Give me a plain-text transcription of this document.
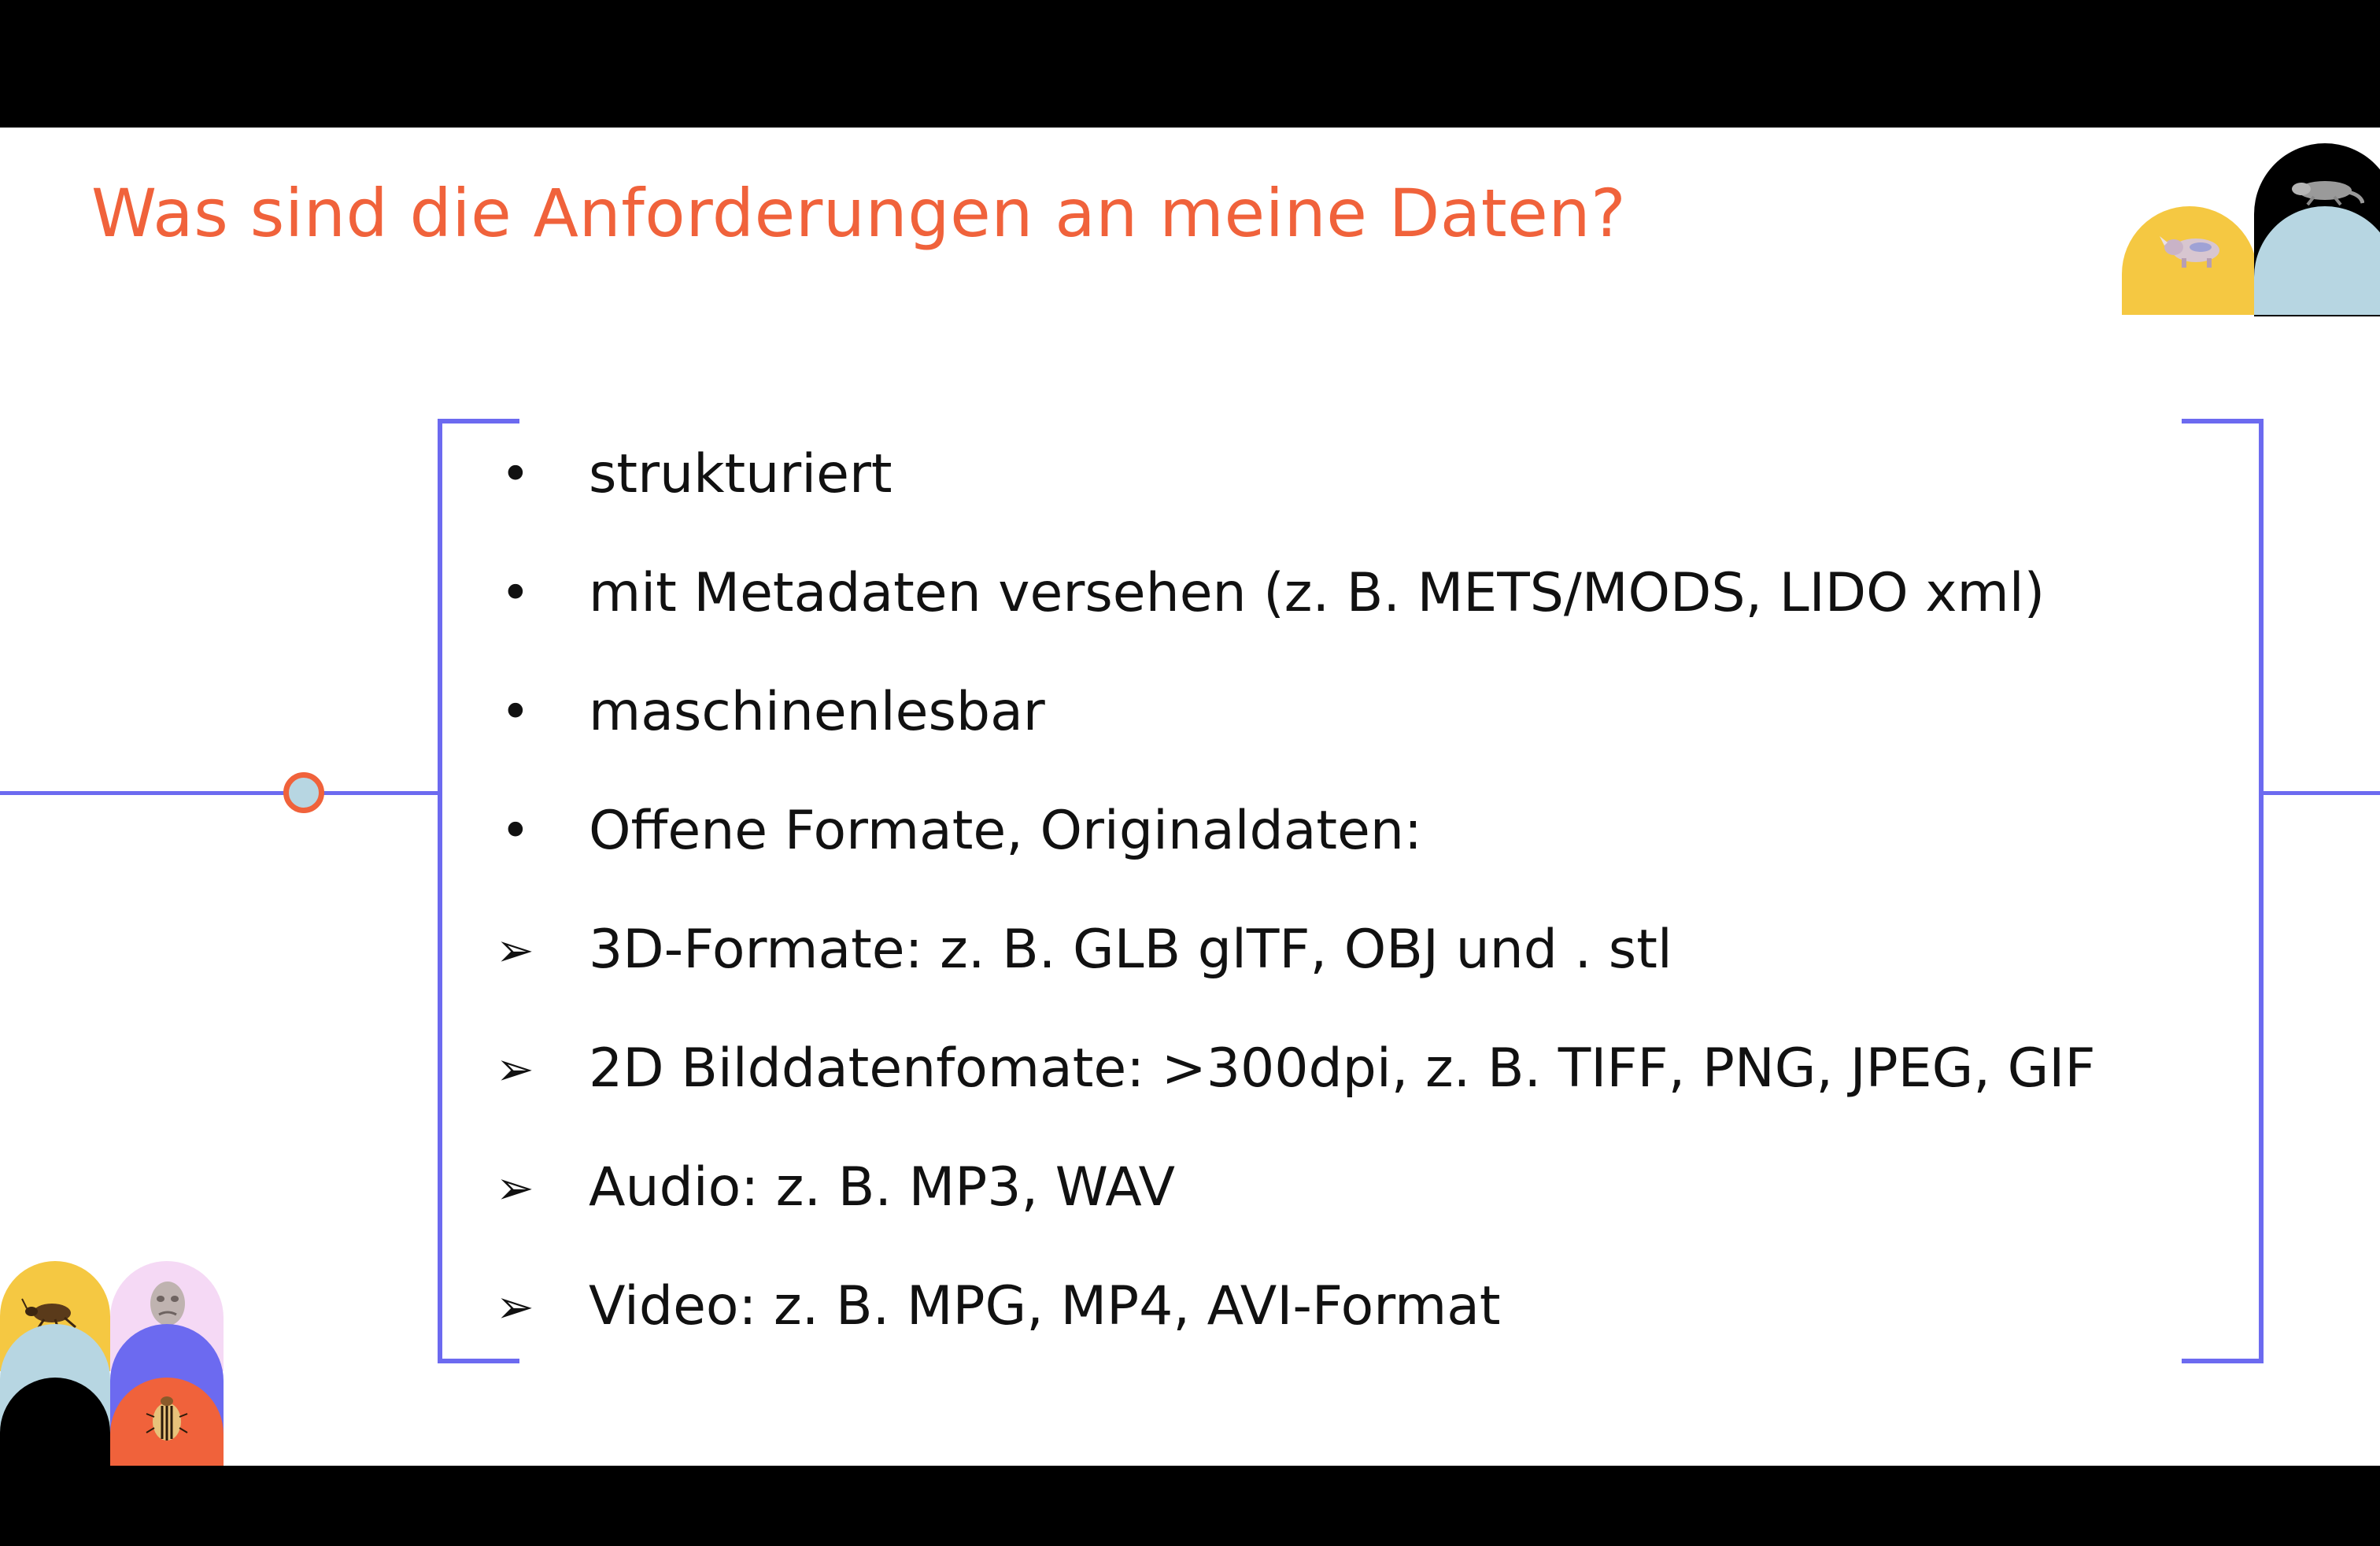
Was sind die Anforderungen an meine Daten?
•	strukturiert
•	mit Metadaten versehen (z. B. METS/MODS, LIDO xml)
•	maschinenlesbar
•	Offene Formate, Originaldaten:
➢	3D-Formate: z. B. GLB glTF, OBJ und . stl
➢	2D Bilddatenfomate: >300dpi, z. B. TIFF, PNG, JPEG, GIF
➢	Audio: z. B. MP3, WAV
➢	Video: z. B. MPG, MP4, AVI-Format
